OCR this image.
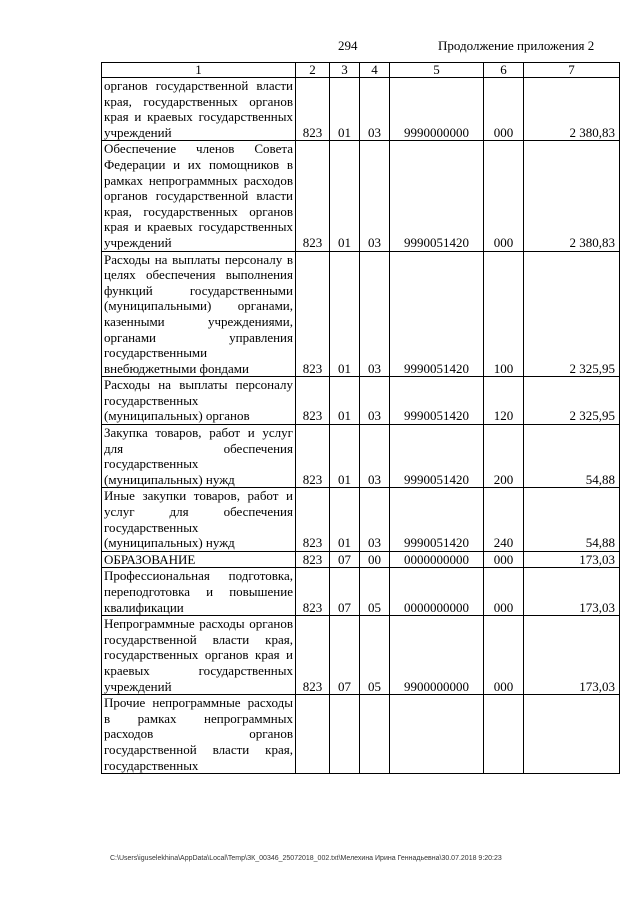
294	Продолжение приложения 2
1	2	3	4	5	6	7
органов государственной власти края, государственных органов края и краевых государственных учреждений	823	01	03	9990000000	000	2 380,83
Обеспечение членов Совета Федерации и их помощников в рамках непрограммных расходов органов государственной власти края, государственных органов края и краевых государственных учреждений	823	01	03	9990051420	000	2 380,83
Расходы на выплаты персоналу в целях обеспечения выполнения функций государственными (муниципальными) органами, казенными учреждениями, органами управления государственными внебюджетными фондами	823	01	03	9990051420	100	2 325,95
Расходы на выплаты персоналу государственных (муниципальных) органов	823	01	03	9990051420	120	2 325,95
Закупка товаров, работ и услуг для обеспечения государственных (муниципальных) нужд	823	01	03	9990051420	200	54,88
Иные закупки товаров, работ и услуг для обеспечения государственных (муниципальных) нужд	823	01	03	9990051420	240	54,88
ОБРАЗОВАНИЕ	823	07	00	0000000000	000	173,03
Профессиональная подготовка, переподготовка и повышение квалификации	823	07	05	0000000000	000	173,03
Непрограммные расходы органов государственной власти края, государственных органов края и краевых государственных учреждений	823	07	05	9900000000	000	173,03
Прочие непрограммные расходы в рамках непрограммных расходов органов государственной власти края, государственных						
C:\Users\iguselekhina\AppData\Local\Temp\ЗК_00346_25072018_002.txt\Мелехина Ирина Геннадьевна\30.07.2018 9:20:23
